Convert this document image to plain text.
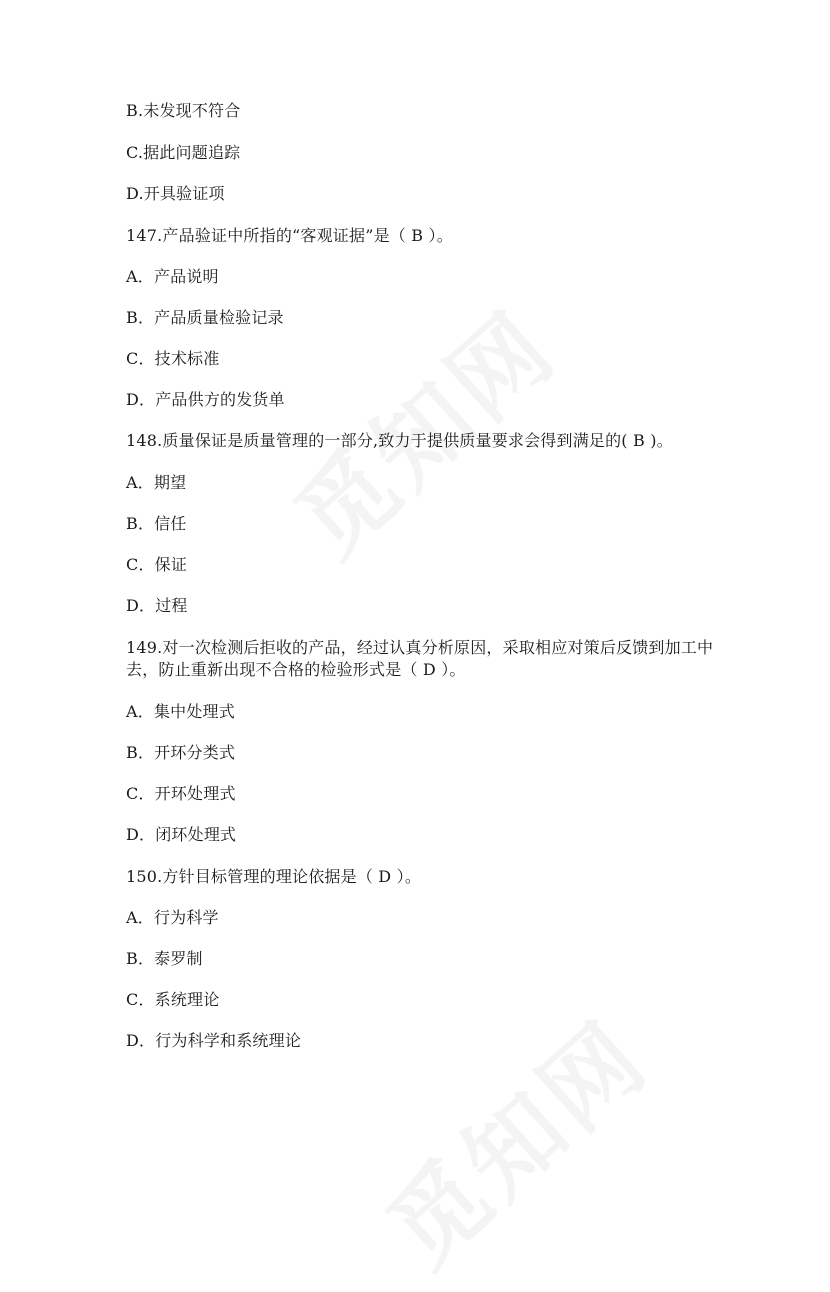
B.未发现不符合
C.据此问题追踪
D.开具验证项
147.产品验证中所指的“客观证据”是（ B ）。
A．产品说明
B．产品质量检验记录
C．技术标准
D．产品供方的发货单
148.质量保证是质量管理的一部分,致力于提供质量要求会得到满足的( B )。
A．期望
B．信任
C．保证
D．过程
149.对一次检测后拒收的产品，经过认真分析原因，采取相应对策后反馈到加工中去，防止重新出现不合格的检验形式是（ D ）。
A．集中处理式
B．开环分类式
C．开环处理式
D．闭环处理式
150.方针目标管理的理论依据是（ D ）。
A．行为科学
B．泰罗制
C．系统理论
D．行为科学和系统理论
